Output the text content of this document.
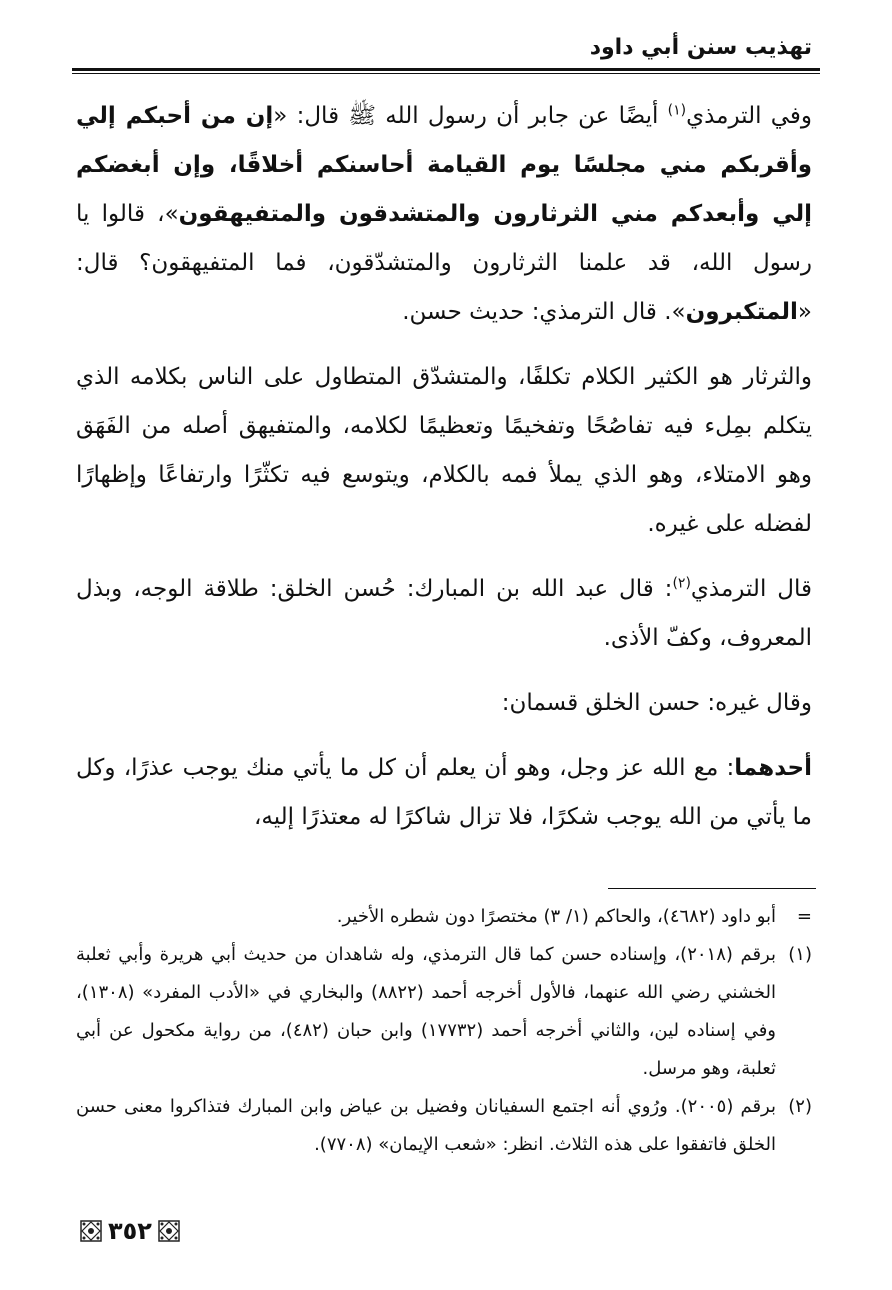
تهذيب سنن أبي داود

وفي الترمذي$^{(١)}$ أيضًا عن جابر أن رسول الله ﷺ قال: «إن من أحبكم إلي وأقربكم مني مجلسًا يوم القيامة أحاسنكم أخلاقًا، وإن أبغضكم إلي وأبعدكم مني الثرثارون والمتشدقون والمتفيهقون»، قالوا يا رسول الله، قد علمنا الثرثارون والمتشدّقون، فما المتفيهقون؟ قال: «المتكبرون». قال الترمذي: حديث حسن.

والثرثار هو الكثير الكلام تكلفًا، والمتشدّق المتطاول على الناس بكلامه الذي يتكلم بمِلء فيه تفاصُحًا وتفخيمًا وتعظيمًا لكلامه، والمتفيهق أصله من الفَهَق وهو الامتلاء، وهو الذي يملأ فمه بالكلام، ويتوسع فيه تكثّرًا وارتفاعًا وإظهارًا لفضله على غيره.

قال الترمذي$^{(٢)}$: قال عبد الله بن المبارك: حُسن الخلق: طلاقة الوجه، وبذل المعروف، وكفّ الأذى.

وقال غيره: حسن الخلق قسمان:

أحدهما: مع الله عز وجل، وهو أن يعلم أن كل ما يأتي منك يوجب عذرًا، وكل ما يأتي من الله يوجب شكرًا، فلا تزال شاكرًا له معتذرًا إليه،

=
أبو داود (٤٦٨٢)، والحاكم (١/ ٣) مختصرًا دون شطره الأخير.

(١)
برقم (٢٠١٨)، وإسناده حسن كما قال الترمذي، وله شاهدان من حديث أبي هريرة وأبي ثعلبة الخشني رضي الله عنهما، فالأول أخرجه أحمد (٨٨٢٢) والبخاري في «الأدب المفرد» (١٣٠٨)، وفي إسناده لين، والثاني أخرجه أحمد (١٧٧٣٢) وابن حبان (٤٨٢)، من رواية مكحول عن أبي ثعلبة، وهو مرسل.

(٢)
برقم (٢٠٠٥). ورُوي أنه اجتمع السفيانان وفضيل بن عياض وابن المبارك فتذاكروا معنى حسن الخلق فاتفقوا على هذه الثلاث. انظر: «شعب الإيمان» (٧٧٠٨).

٣٥٢
